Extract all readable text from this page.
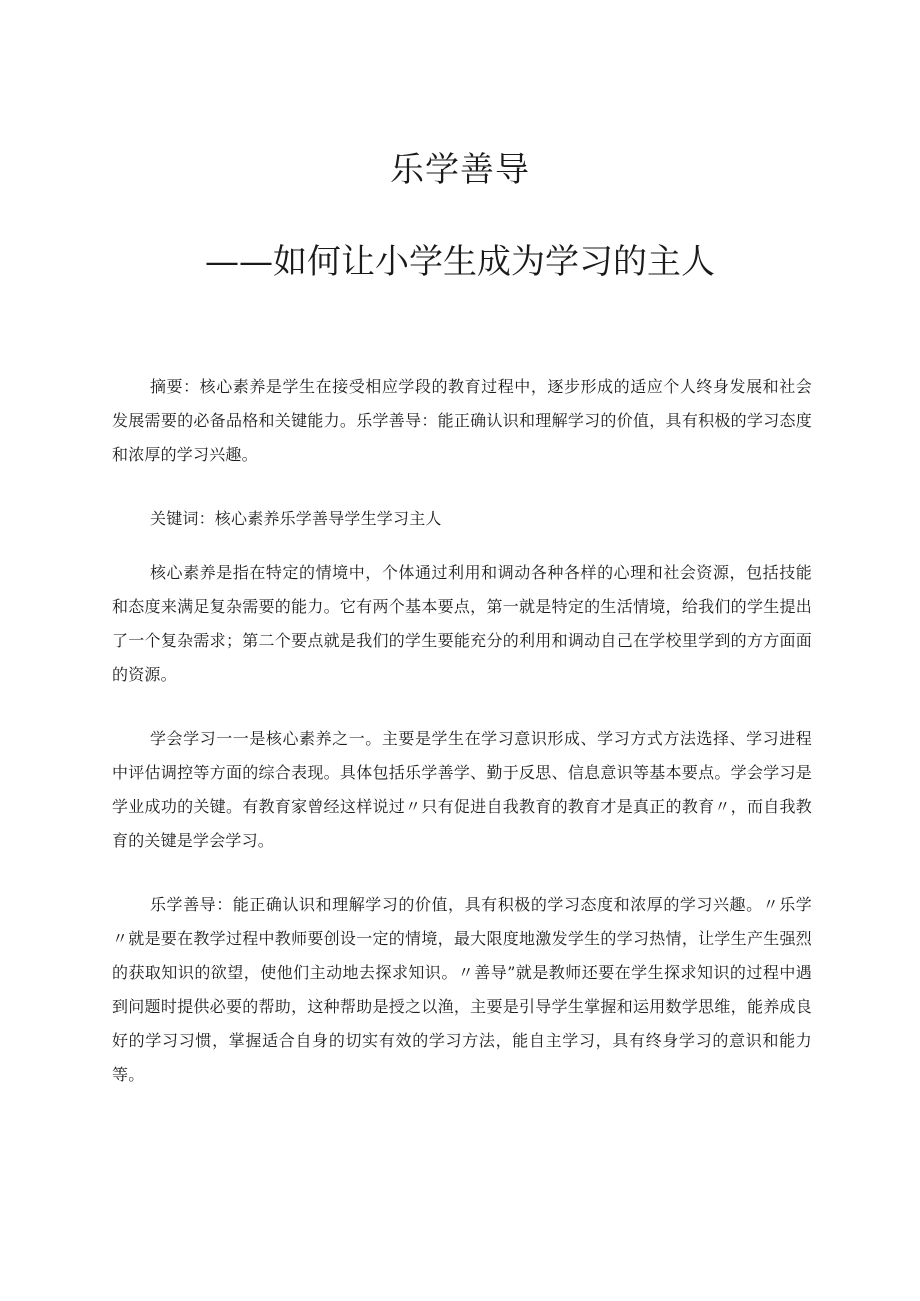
乐学善导
——如何让小学生成为学习的主人

摘要：核心素养是学生在接受相应学段的教育过程中，逐步形成的适应个人终身发展和社会发展需要的必备品格和关键能力。乐学善导：能正确认识和理解学习的价值，具有积极的学习态度和浓厚的学习兴趣。

关键词：核心素养乐学善导学生学习主人

核心素养是指在特定的情境中，个体通过利用和调动各种各样的心理和社会资源，包括技能和态度来满足复杂需要的能力。它有两个基本要点，第一就是特定的生活情境，给我们的学生提出了一个复杂需求；第二个要点就是我们的学生要能充分的利用和调动自己在学校里学到的方方面面的资源。

学会学习一一是核心素养之一。主要是学生在学习意识形成、学习方式方法选择、学习进程中评估调控等方面的综合表现。具体包括乐学善学、勤于反思、信息意识等基本要点。学会学习是学业成功的关键。有教育家曾经这样说过〃只有促进自我教育的教育才是真正的教育〃，而自我教育的关键是学会学习。

乐学善导：能正确认识和理解学习的价值，具有积极的学习态度和浓厚的学习兴趣。〃乐学〃就是要在教学过程中教师要创设一定的情境，最大限度地激发学生的学习热情，让学生产生强烈的获取知识的欲望，使他们主动地去探求知识。〃善导”就是教师还要在学生探求知识的过程中遇到问题时提供必要的帮助，这种帮助是授之以渔，主要是引导学生掌握和运用数学思维，能养成良好的学习习惯，掌握适合自身的切实有效的学习方法，能自主学习，具有终身学习的意识和能力等。
